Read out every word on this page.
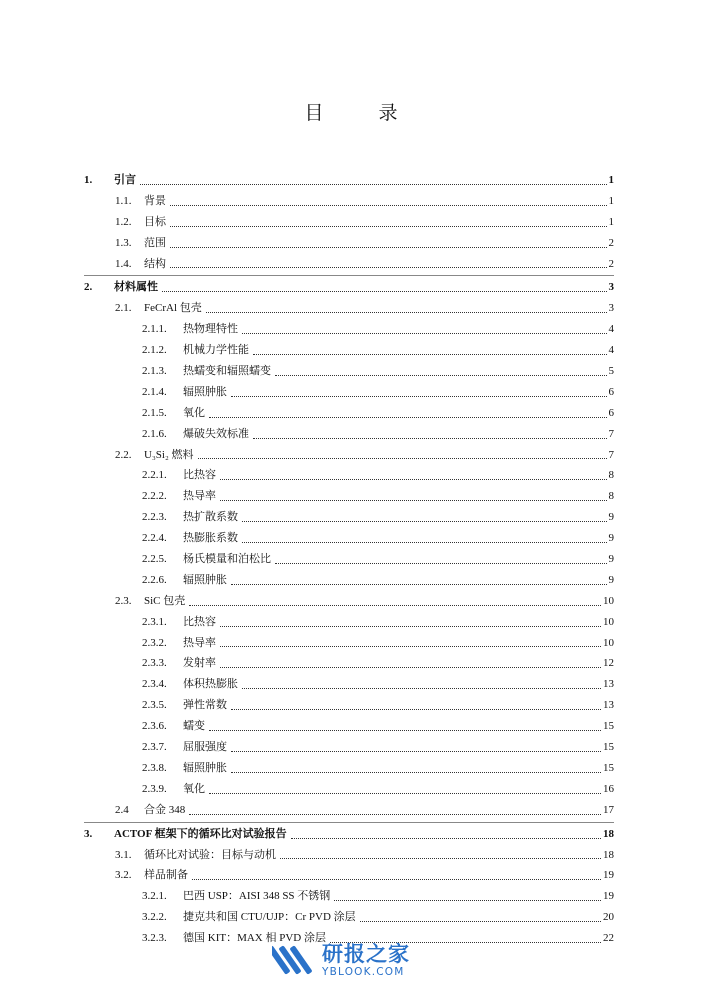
目　录
1.	引言	1
1.1.	背景	1
1.2.	目标	1
1.3.	范围	2
1.4.	结构	2
2.	材料属性	3
2.1.	FeCrAl 包壳	3
2.1.1.	热物理特性	4
2.1.2.	机械力学性能	4
2.1.3.	热蠕变和辐照蠕变	5
2.1.4.	辐照肿胀	6
2.1.5.	氧化	6
2.1.6.	爆破失效标准	7
2.2.	U₃Si₂ 燃料	7
2.2.1.	比热容	8
2.2.2.	热导率	8
2.2.3.	热扩散系数	9
2.2.4.	热膨胀系数	9
2.2.5.	杨氏模量和泊松比	9
2.2.6.	辐照肿胀	9
2.3.	SiC 包壳	10
2.3.1.	比热容	10
2.3.2.	热导率	10
2.3.3.	发射率	12
2.3.4.	体积热膨胀	13
2.3.5.	弹性常数	13
2.3.6.	蠕变	15
2.3.7.	屈服强度	15
2.3.8.	辐照肿胀	15
2.3.9.	氧化	16
2.4	合金 348	17
3.	ACTOF 框架下的循环比对试验报告	18
3.1.	循环比对试验：目标与动机	18
3.2.	样品制备	19
3.2.1.	巴西 USP：AISI 348 SS 不锈钢	19
3.2.2.	捷克共和国 CTU/UJP：Cr PVD 涂层	20
3.2.3.	德国 KIT：MAX 相 PVD 涂层	22
研报之家
YBLOOK.COM
